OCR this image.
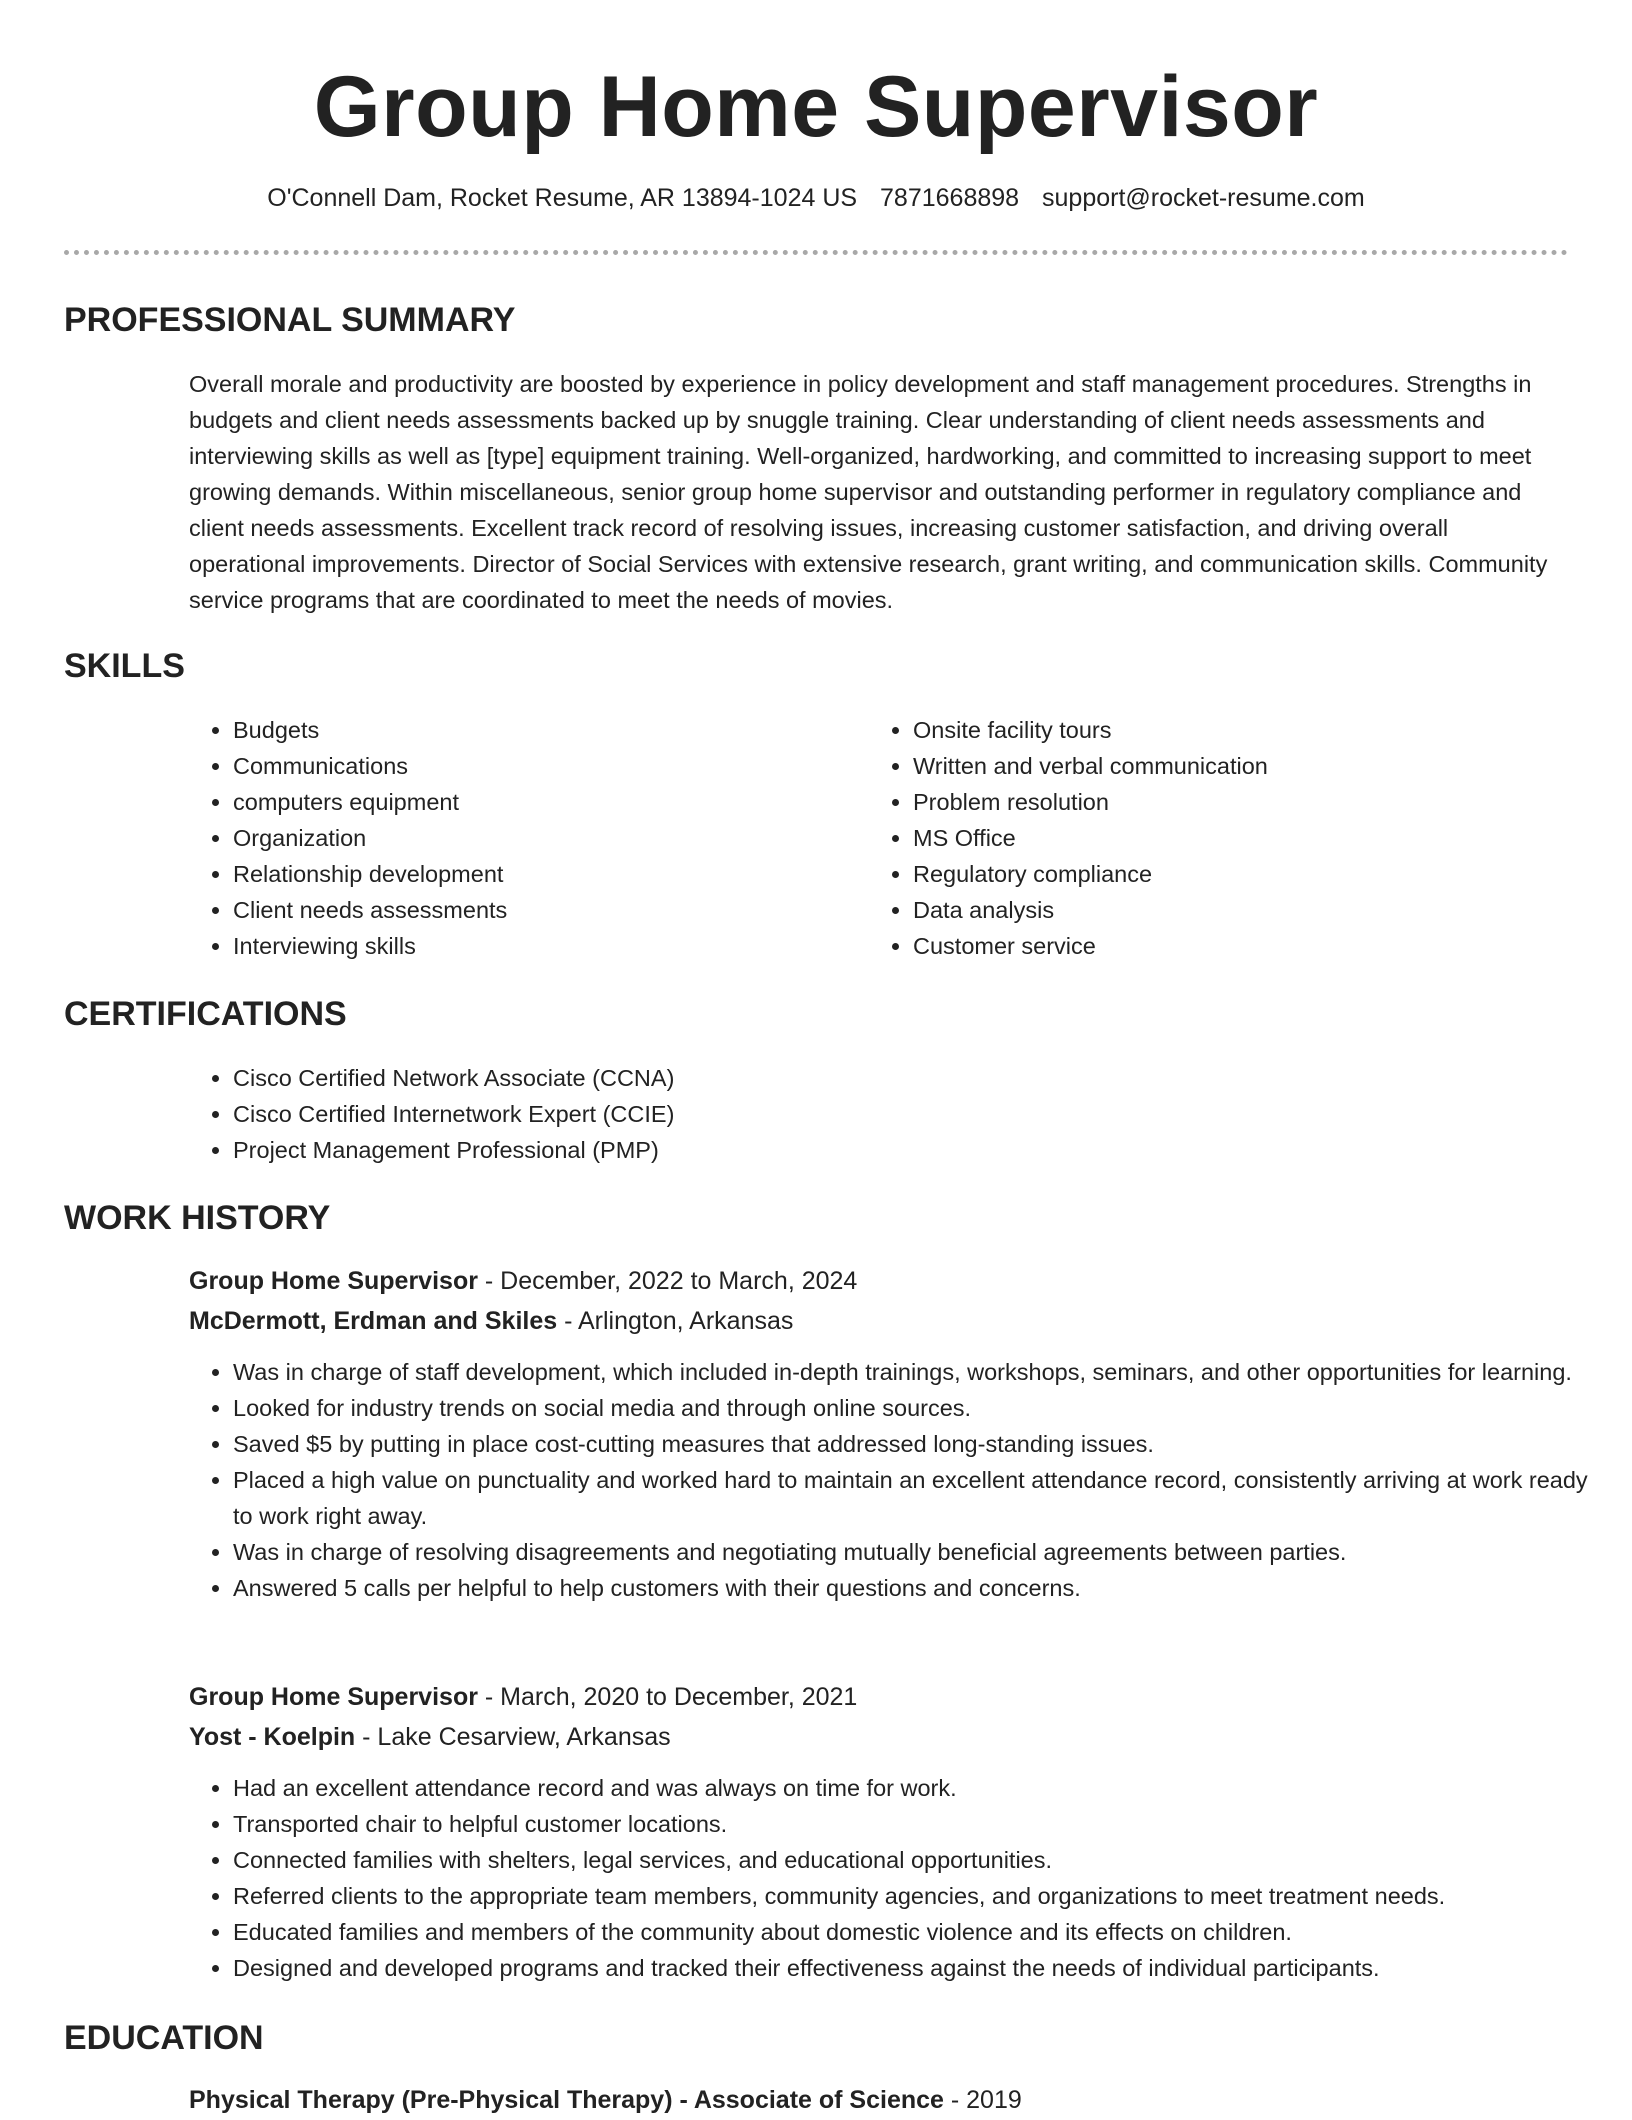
Group Home Supervisor
O'Connell Dam, Rocket Resume, AR 13894-1024 US 7871668898 support@rocket-resume.com
PROFESSIONAL SUMMARY
Overall morale and productivity are boosted by experience in policy development and staff management procedures. Strengths in budgets and client needs assessments backed up by snuggle training. Clear understanding of client needs assessments and interviewing skills as well as [type] equipment training. Well-organized, hardworking, and committed to increasing support to meet growing demands. Within miscellaneous, senior group home supervisor and outstanding performer in regulatory compliance and client needs assessments. Excellent track record of resolving issues, increasing customer satisfaction, and driving overall operational improvements. Director of Social Services with extensive research, grant writing, and communication skills. Community service programs that are coordinated to meet the needs of movies.
SKILLS
• Budgets
• Communications
• computers equipment
• Organization
• Relationship development
• Client needs assessments
• Interviewing skills
• Onsite facility tours
• Written and verbal communication
• Problem resolution
• MS Office
• Regulatory compliance
• Data analysis
• Customer service
CERTIFICATIONS
• Cisco Certified Network Associate (CCNA)
• Cisco Certified Internetwork Expert (CCIE)
• Project Management Professional (PMP)
WORK HISTORY
Group Home Supervisor - December, 2022 to March, 2024
McDermott, Erdman and Skiles - Arlington, Arkansas
• Was in charge of staff development, which included in-depth trainings, workshops, seminars, and other opportunities for learning.
• Looked for industry trends on social media and through online sources.
• Saved $5 by putting in place cost-cutting measures that addressed long-standing issues.
• Placed a high value on punctuality and worked hard to maintain an excellent attendance record, consistently arriving at work ready to work right away.
• Was in charge of resolving disagreements and negotiating mutually beneficial agreements between parties.
• Answered 5 calls per helpful to help customers with their questions and concerns.
Group Home Supervisor - March, 2020 to December, 2021
Yost - Koelpin - Lake Cesarview, Arkansas
• Had an excellent attendance record and was always on time for work.
• Transported chair to helpful customer locations.
• Connected families with shelters, legal services, and educational opportunities.
• Referred clients to the appropriate team members, community agencies, and organizations to meet treatment needs.
• Educated families and members of the community about domestic violence and its effects on children.
• Designed and developed programs and tracked their effectiveness against the needs of individual participants.
EDUCATION
Physical Therapy (Pre-Physical Therapy) - Associate of Science - 2019
